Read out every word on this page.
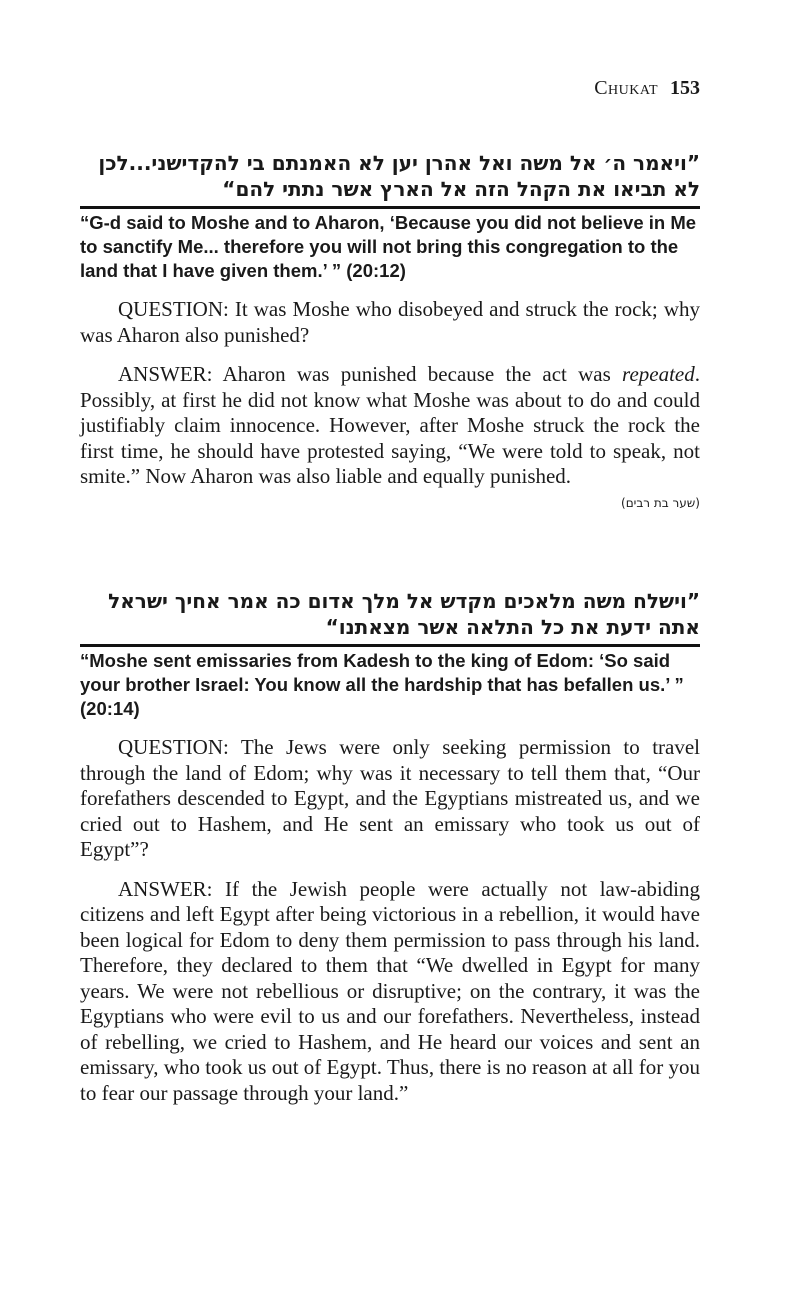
Chukat 153

”ויאמר ה׳ אל משה ואל אהרן יען לא האמנתם בי להקדישני...לכן

לא תביאו את הקהל הזה אל הארץ אשר נתתי להם“

“G-d said to Moshe and to Aharon, ‘Because you did not believe in Me to sanctify Me... therefore you will not bring this congregation to the land that I have given them.’ ” (20:12)

QUESTION: It was Moshe who disobeyed and struck the rock; why was Aharon also punished?

ANSWER: Aharon was punished because the act was repeated. Possibly, at first he did not know what Moshe was about to do and could justifiably claim innocence. However, after Moshe struck the rock the first time, he should have protested saying, “We were told to speak, not smite.” Now Aharon was also liable and equally punished.

(שער בת רבים)

”וישלח משה מלאכים מקדש אל מלך אדום כה אמר אחיך ישראל

אתה ידעת את כל התלאה אשר מצאתנו“

“Moshe sent emissaries from Kadesh to the king of Edom: ‘So said your brother Israel: You know all the hardship that has befallen us.’ ” (20:14)

QUESTION: The Jews were only seeking permission to travel through the land of Edom; why was it necessary to tell them that, “Our forefathers descended to Egypt, and the Egyptians mistreated us, and we cried out to Hashem, and He sent an emissary who took us out of Egypt”?

ANSWER: If the Jewish people were actually not law-abiding citizens and left Egypt after being victorious in a rebellion, it would have been logical for Edom to deny them permission to pass through his land. Therefore, they declared to them that “We dwelled in Egypt for many years. We were not rebellious or disruptive; on the contrary, it was the Egyptians who were evil to us and our forefathers. Nevertheless, instead of rebelling, we cried to Hashem, and He heard our voices and sent an emissary, who took us out of Egypt. Thus, there is no reason at all for you to fear our passage through your land.”
